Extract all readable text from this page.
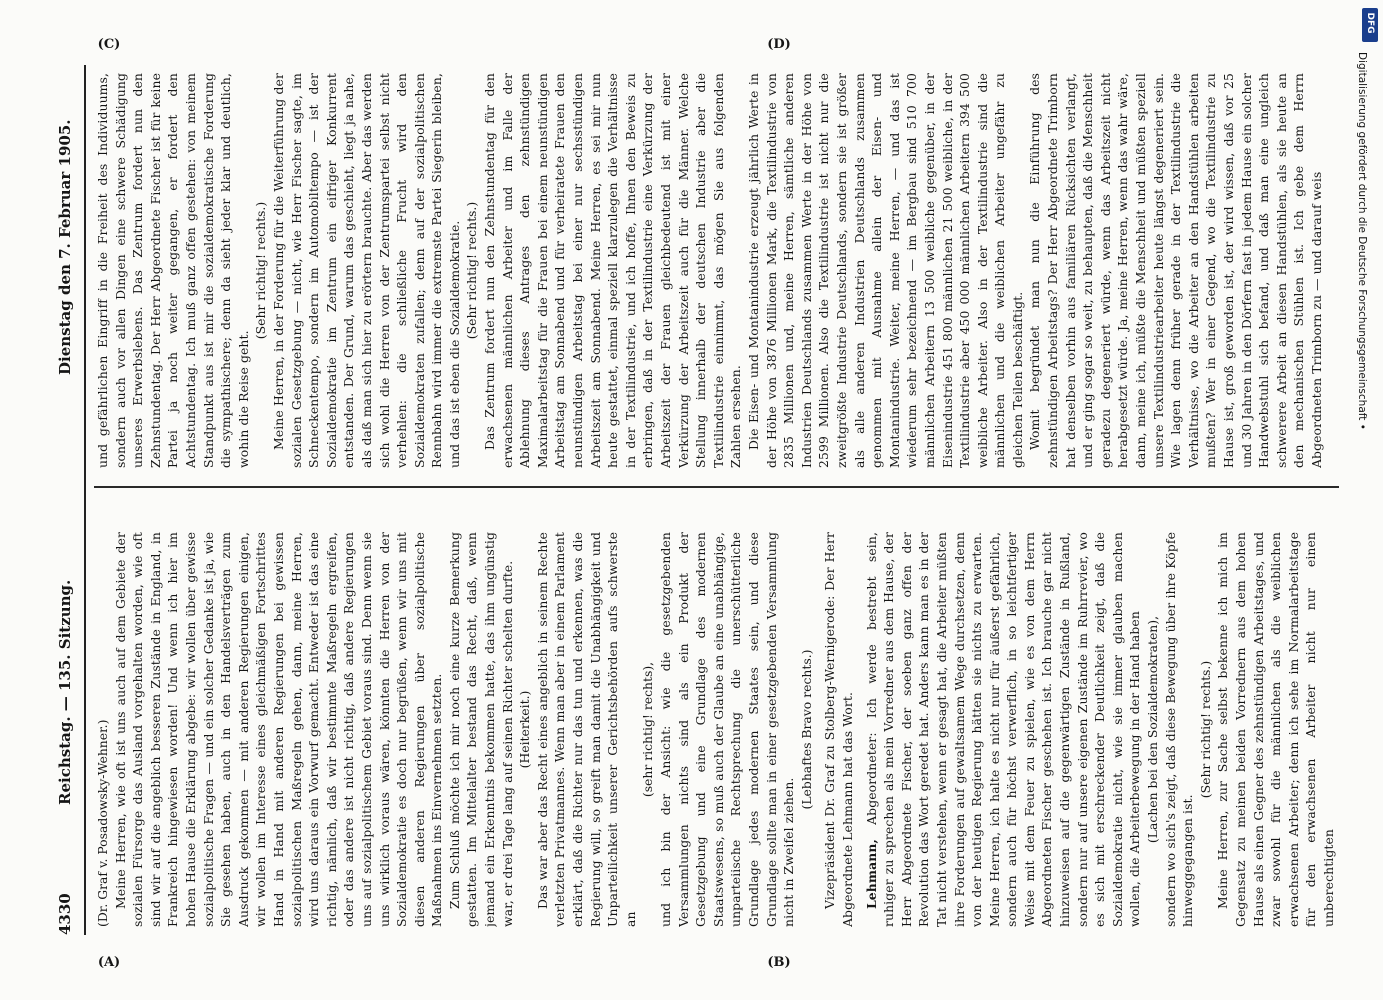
4330
Reichstag. — 135. Sitzung.
Dienstag den 7. Februar 1905.

(Dr. Graf v. Posadowsky-Wehner.) Meine Herren, wie oft ist uns auch auf dem Gebiete der sozialen Fürsorge das Ausland vorgehalten worden, wie oft sind wir auf die angeblich besseren Zustände in England, in Frankreich hingewiesen worden! Und wenn ich hier im hohen Hause die Erklärung abgebe: wir wollen über gewisse sozialpolitische Fragen — und ein solcher Gedanke ist ja, wie Sie gesehen haben, auch in den Handelsverträgen zum Ausdruck gekommen — mit anderen Regierungen einigen, wir wollen im Interesse eines gleichmäßigen Fortschrittes Hand in Hand mit anderen Regierungen bei gewissen sozialpolitischen Maßregeln gehen, dann, meine Herren, wird uns daraus ein Vorwurf gemacht. Entweder ist das eine richtig, nämlich, daß wir bestimmte Maßregeln ergreifen, oder das andere ist nicht richtig, daß andere Regierungen uns auf sozialpolitischem Gebiet voraus sind. Denn wenn sie uns wirklich voraus wären, könnten die Herren von der Sozialdemokratie es doch nur begrüßen, wenn wir uns mit diesen anderen Regierungen über sozialpolitische Maßnahmen ins Einvernehmen setzten. Zum Schluß möchte ich mir noch eine kurze Bemerkung gestatten. Im Mittelalter bestand das Recht, daß, wenn jemand ein Erkenntnis bekommen hatte, das ihm ungünstig war, er drei Tage lang auf seinen Richter schelten durfte. (Heiterkeit.) Das war aber das Recht eines angeblich in seinem Rechte verletzten Privatmannes. Wenn man aber in einem Parlament erklärt, daß die Richter nur das tun und erkennen, was die Regierung will, so greift man damit die Unabhängigkeit und Unparteilichkeit unserer Gerichtsbehörden aufs schwerste an

(sehr richtig! rechts), und ich bin der Ansicht: wie die gesetzgebenden Versammlungen nichts sind als ein Produkt der Gesetzgebung und eine Grundlage des modernen Staatswesens, so muß auch der Glaube an eine unabhängige, unparteiische Rechtsprechung die unerschütterliche Grundlage jedes modernen Staates sein, und diese Grundlage sollte man in einer gesetzgebenden Versammlung nicht in Zweifel ziehen.

(Lebhaftes Bravo rechts.) Vizepräsident Dr. Graf zu Stolberg-Wernigerode: Der Herr Abgeordnete Lehmann hat das Wort. Lehmann, Abgeordneter: Ich werde bestrebt sein, ruhiger zu sprechen als mein Vorredner aus dem Hause, der Herr Abgeordnete Fischer, der soeben ganz offen der Revolution das Wort geredet hat. Anders kann man es in der Tat nicht verstehen, wenn er gesagt hat, die Arbeiter müßten ihre Forderungen auf gewaltsamem Wege durchsetzen, denn von der heutigen Regierung hätten sie nichts zu erwarten. Meine Herren, ich halte es nicht nur für äußerst gefährlich, sondern auch für höchst verwerflich, in so leichtfertiger Weise mit dem Feuer zu spielen, wie es von dem Herrn Abgeordneten Fischer geschehen ist. Ich brauche gar nicht hinzuweisen auf die gegenwärtigen Zustände in Rußland, sondern nur auf unsere eigenen Zustände im Ruhrrevier, wo es sich mit erschreckender Deutlichkeit zeigt, daß die Sozialdemokratie nicht, wie sie immer glauben machen wollen, die Arbeiterbewegung in der Hand haben (Lachen bei den Sozialdemokraten), sondern wo sich's zeigt, daß diese Bewegung über ihre Köpfe hinweggegangen ist.

(Sehr richtig! rechts.) Meine Herren, zur Sache selbst bekenne ich mich im Gegensatz zu meinen beiden Vorrednern aus dem hohen Hause als einen Gegner des zehnstündigen Arbeitstages, und zwar sowohl für die männlichen als die weiblichen erwachsenen Arbeiter; denn ich sehe im Normalarbeitstage für den erwachsenen Arbeiter nicht nur einen unberechtigten

und gefährlichen Eingriff in die Freiheit des Individuums, sondern auch vor allen Dingen eine schwere Schädigung unseres Erwerbslebens. Das Zentrum fordert nun den Zehnstundentag. Der Herr Abgeordnete Fischer ist für keine Partei ja noch weiter gegangen, er fordert den Achtstundentag. Ich muß ganz offen gestehen: von meinem Standpunkt aus ist mir die sozialdemokratische Forderung die sympathischere; denn da sieht jeder klar und deutlich, wohin die Reise geht.

(Sehr richtig! rechts.) Meine Herren, in der Forderung für die Weiterführung der sozialen Gesetzgebung — nicht, wie Herr Fischer sagte, im Schneckentempo, sondern im Automobiltempo — ist der Sozialdemokratie im Zentrum ein eifriger Konkurrent entstanden. Der Grund, warum das geschieht, liegt ja nahe, als daß man sich hier zu erörtern brauchte. Aber das werden sich wohl die Herren von der Zentrumspartei selbst nicht verhehlen: die schließliche Frucht wird den Sozialdemokraten zufallen; denn auf der sozialpolitischen Rennbahn wird immer die extremste Partei Siegerin bleiben, und das ist eben die Sozialdemokratie. (Sehr richtig! rechts.) Das Zentrum fordert nun den Zehnstundentag für den erwachsenen männlichen Arbeiter und im Falle der Ablehnung dieses Antrages den zehnstündigen Maximalarbeitstag für die Frauen bei einem neunstündigen Arbeitstag am Sonnabend und für verheiratete Frauen den neunstündigen Arbeitstag bei einer nur sechsstündigen Arbeitszeit am Sonnabend. Meine Herren, es sei mir nun heute gestattet, einmal speziell klarzulegen die Verhältnisse in der Textilindustrie, und ich hoffe, Ihnen den Beweis zu erbringen, daß in der Textilindustrie eine Verkürzung der Arbeitszeit der Frauen gleichbedeutend ist mit einer Verkürzung der Arbeitszeit auch für die Männer. Welche Stellung innerhalb der deutschen Industrie aber die Textilindustrie einnimmt, das mögen Sie aus folgenden Zahlen ersehen. Die Eisen- und Montanindustrie erzeugt jährlich Werte in der Höhe von 3876 Millionen Mark, die Textilindustrie von 2835 Millionen und, meine Herren, sämtliche anderen Industrien Deutschlands zusammen Werte in der Höhe von 2599 Millionen. Also die Textilindustrie ist nicht nur die zweitgrößte Industrie Deutschlands, sondern sie ist größer als alle anderen Industrien Deutschlands zusammen genommen mit Ausnahme allein der Eisen- und Montanindustrie. Weiter, meine Herren, — und das ist wiederum sehr bezeichnend — im Bergbau sind 510 700 männlichen Arbeitern 13 500 weibliche gegenüber, in der Eisenindustrie 451 800 männlichen 21 500 weibliche, in der Textilindustrie aber 450 000 männlichen Arbeitern 394 500 weibliche Arbeiter. Also in der Textilindustrie sind die männlichen und die weiblichen Arbeiter ungefähr zu gleichen Teilen beschäftigt. Womit begründet man nun die Einführung des zehnstündigen Arbeitstags? Der Herr Abgeordnete Trimborn hat denselben vorhin aus familiären Rücksichten verlangt, und er ging sogar so weit, zu behaupten, daß die Menschheit geradezu degeneriert würde, wenn das Arbeitszeit nicht herabgesetzt würde. Ja, meine Herren, wenn das wahr wäre, dann, meine ich, müßte die Menschheit und müßten speziell unsere Textilindustriearbeiter heute längst degeneriert sein. Wie lagen denn früher gerade in der Textilindustrie die Verhältnisse, wo die Arbeiter an den Handstühlen arbeiten mußten? Wer in einer Gegend, wo die Textilindustrie zu Hause ist, groß geworden ist, der wird wissen, daß vor 25 und 30 Jahren in den Dörfern fast in jedem Hause ein solcher Handwebstuhl sich befand, und daß man eine ungleich schwerere Arbeit an diesen Handstühlen, als sie heute an den mechanischen Stühlen ist. Ich gebe dem Herrn Abgeordneten Trimborn zu — und darauf weis

(A)	(B)
(C)	(D)
DFG
Digitalisierung gefördert durch die Deutsche Forschungsgemeinschaft •
